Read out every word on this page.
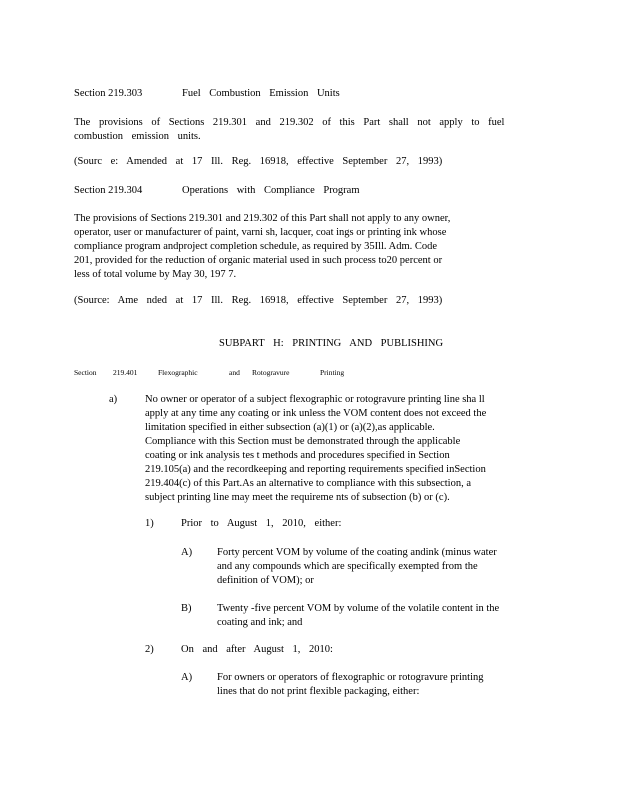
Section 219.303	Fuel Combustion Emission Units
The provisions of Sections 219.301 and 219.302 of this Part shall not apply to fuel
combustion emission units.
(Sourc e: Amended at 17 Ill. Reg. 16918, effective September 27, 1993)
Section 219.304	Operations with Compliance Program
The provisions of Sections 219.301 and 219.302 of this Part shall not apply to any owner,
operator, user or manufacturer of paint, varni sh, lacquer, coat ings or printing ink whose
compliance program andproject completion schedule, as required by 35Ill. Adm. Code
201, provided for the reduction of organic material used in such process to20 percent or
less of total volume by May 30, 197 7.
(Source: Ame nded at 17 Ill. Reg. 16918, effective September 27, 1993)
SUBPART H: PRINTING AND PUBLISHING
Section 219.401	Flexographic	and Rotogravure	Printing
a)	No owner or operator of a subject flexographic or rotogravure printing line sha ll
apply at any time any coating or ink unless the VOM content does not exceed the
limitation specified in either subsection (a)(1) or (a)(2),as applicable.
Compliance with this Section must be demonstrated through the applicable
coating or ink analysis tes t methods and procedures specified in Section
219.105(a) and the recordkeeping and reporting requirements specified inSection
219.404(c) of this Part.As an alternative to compliance with this subsection, a
subject printing line may meet the requireme nts of subsection (b) or (c).
1)	Prior to August 1, 2010, either:
A) Forty percent VOM by volume of the coating andink (minus water
and any compounds which are specifically exempted from the
definition of VOM); or
B) Twenty -five percent VOM by volume of the volatile content in the
coating and ink; and
2)	On and after August 1, 2010:
A) For owners or operators of flexographic or rotogravure printing
lines that do not print flexible packaging, either:
